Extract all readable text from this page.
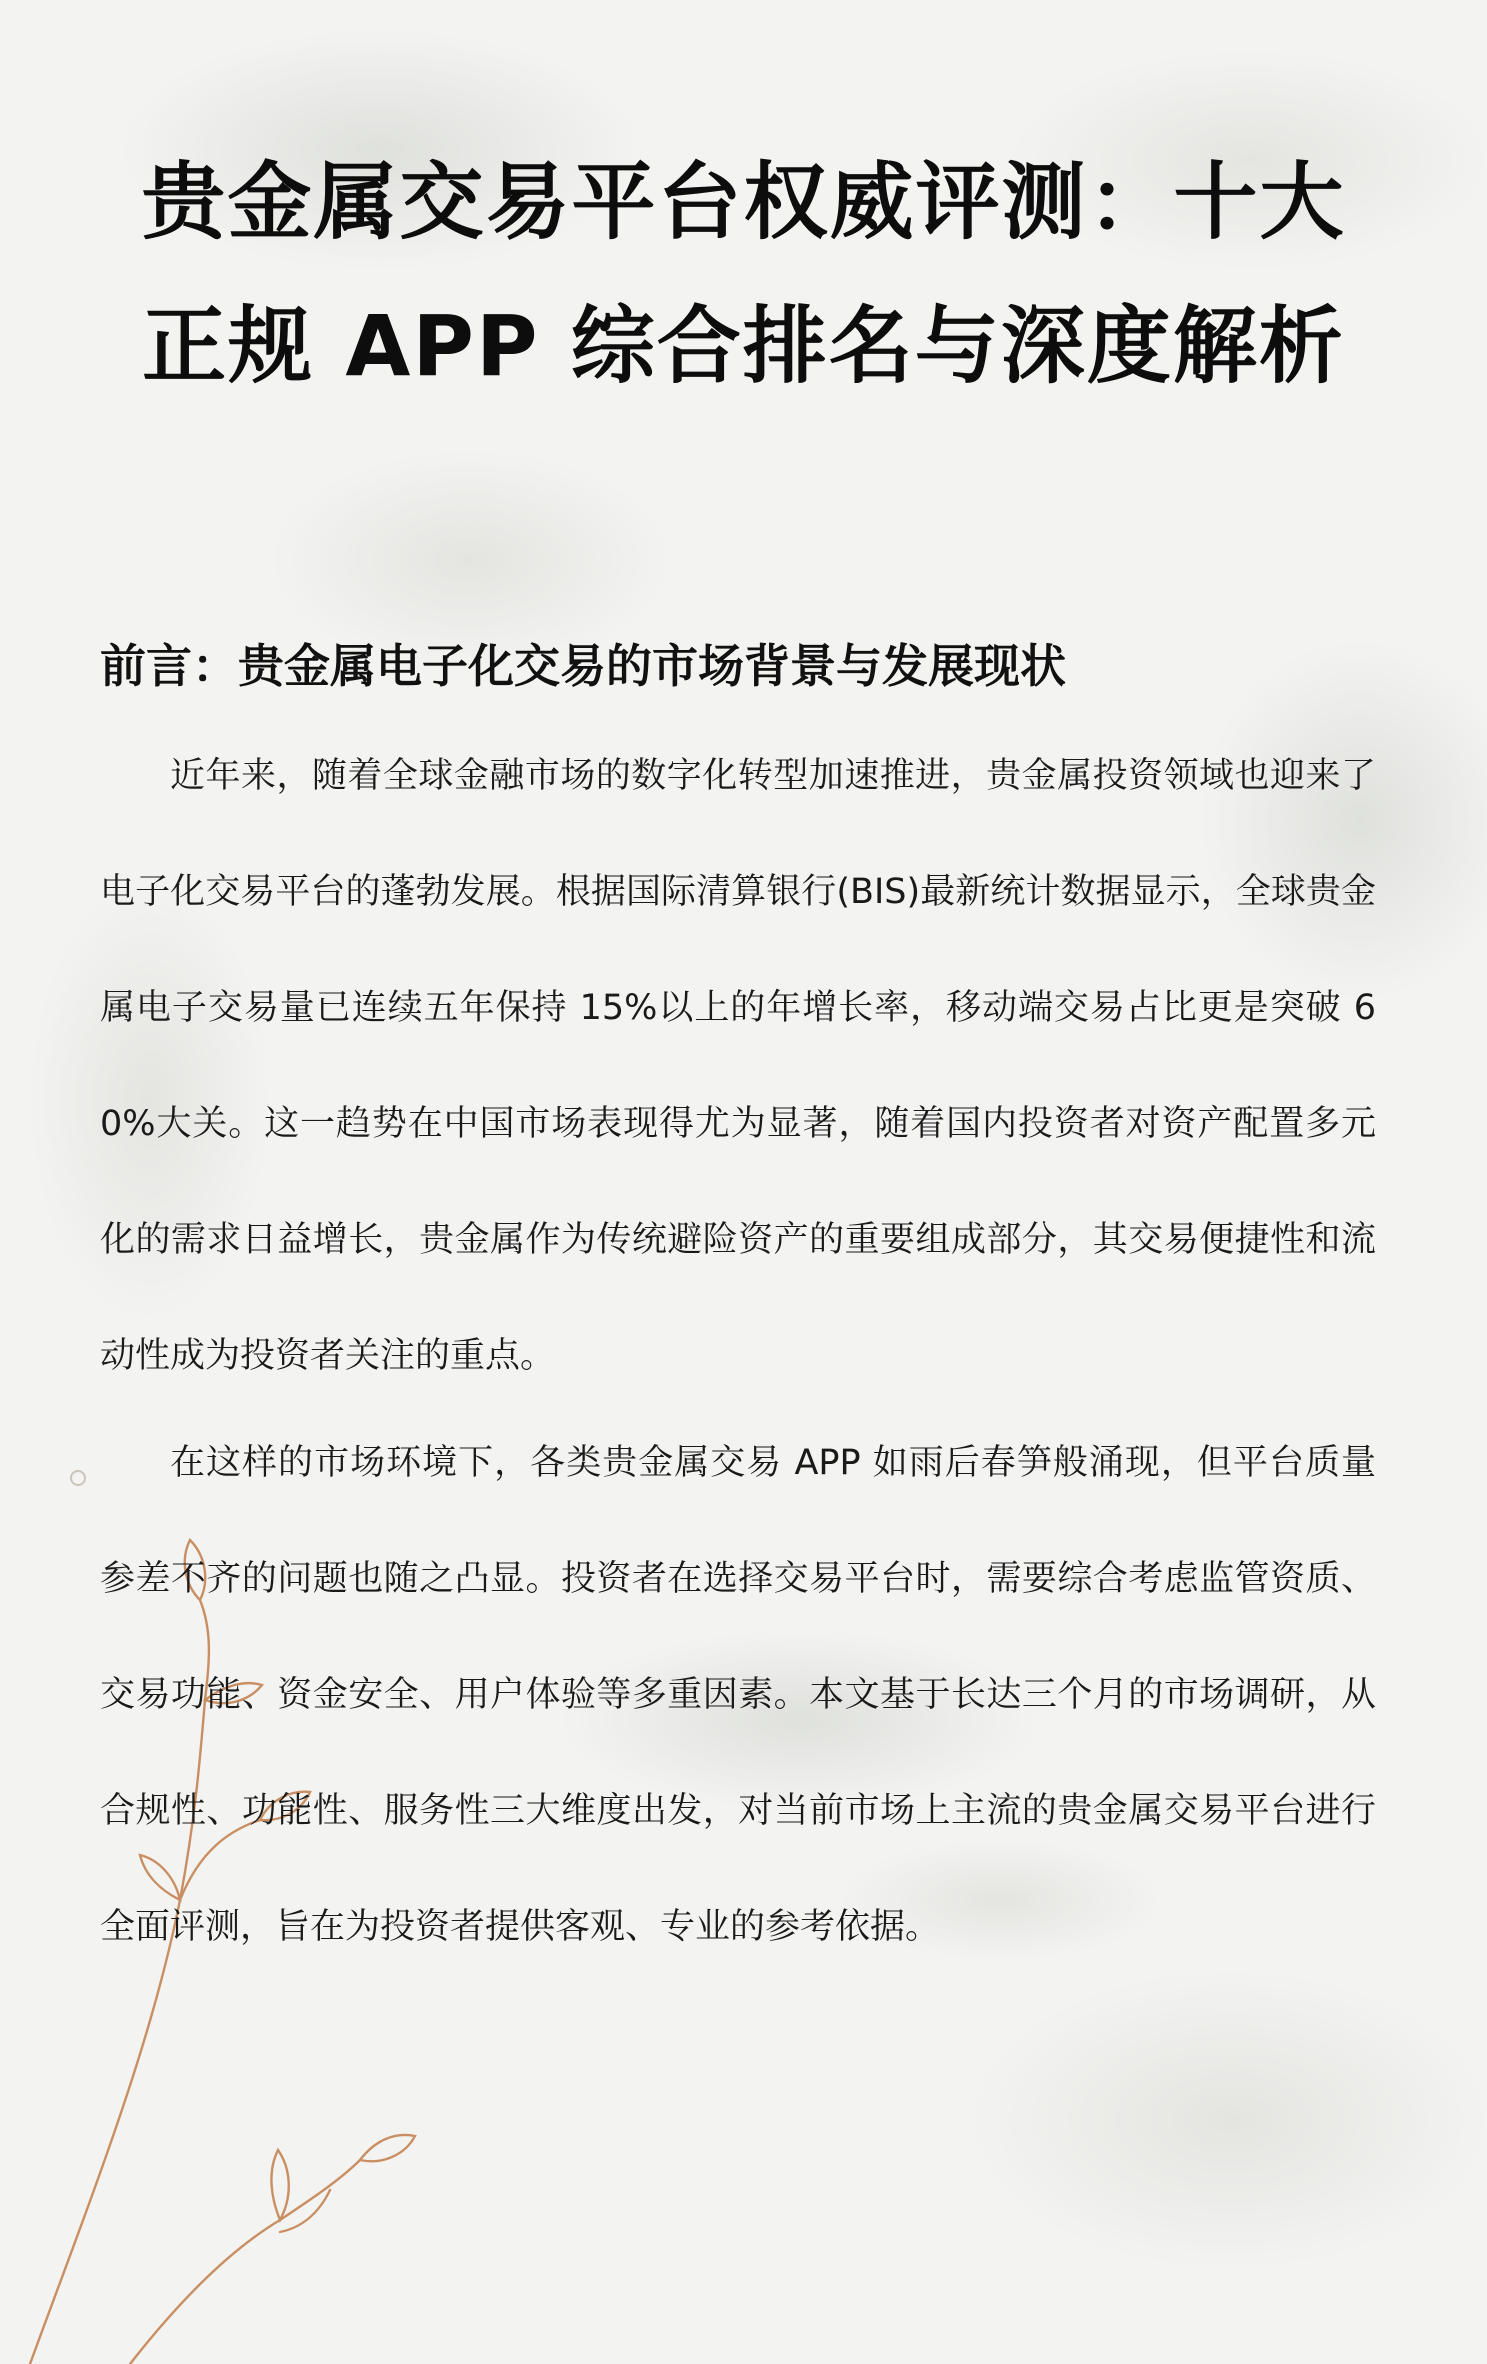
贵金属交易平台权威评测：十大正规 APP 综合排名与深度解析
前言：贵金属电子化交易的市场背景与发展现状

近年来，随着全球金融市场的数字化转型加速推进，贵金属投资领域也迎来了电子化交易平台的蓬勃发展。根据国际清算银行(BIS)最新统计数据显示，全球贵金属电子交易量已连续五年保持 15%以上的年增长率，移动端交易占比更是突破 60%大关。这一趋势在中国市场表现得尤为显著，随着国内投资者对资产配置多元化的需求日益增长，贵金属作为传统避险资产的重要组成部分，其交易便捷性和流动性成为投资者关注的重点。

在这样的市场环境下，各类贵金属交易 APP 如雨后春笋般涌现，但平台质量参差不齐的问题也随之凸显。投资者在选择交易平台时，需要综合考虑监管资质、交易功能、资金安全、用户体验等多重因素。本文基于长达三个月的市场调研，从合规性、功能性、服务性三大维度出发，对当前市场上主流的贵金属交易平台进行全面评测，旨在为投资者提供客观、专业的参考依据。
